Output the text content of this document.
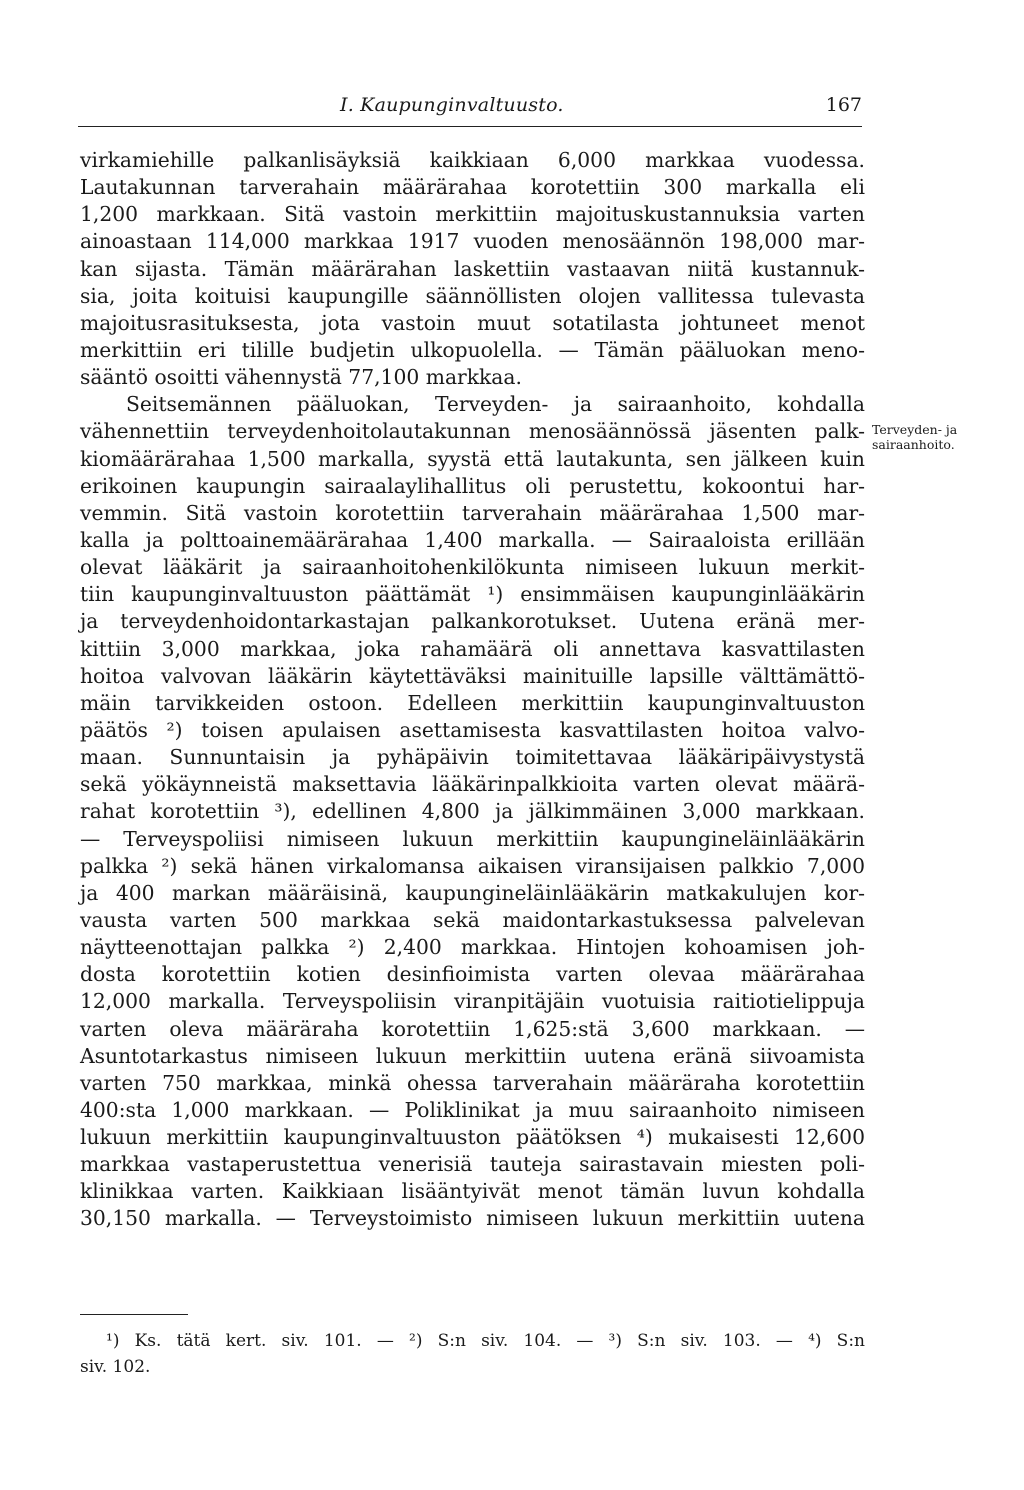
I. Kaupunginvaltuusto.	167
virkamiehille palkanlisäyksiä kaikkiaan 6,000 markkaa vuodessa.
Lautakunnan tarverahain määrärahaa korotettiin 300 markalla eli
1,200 markkaan. Sitä vastoin merkittiin majoituskustannuksia varten
ainoastaan 114,000 markkaa 1917 vuoden menosäännön 198,000 mar-
kan sijasta. Tämän määrärahan laskettiin vastaavan niitä kustannuk-
sia, joita koituisi kaupungille säännöllisten olojen vallitessa tulevasta
majoitusrasituksesta, jota vastoin muut sotatilasta johtuneet menot
merkittiin eri tilille budjetin ulkopuolella. — Tämän pääluokan meno-
sääntö osoitti vähennystä 77,100 markkaa.
Seitsemännen pääluokan, Terveyden- ja sairaanhoito, kohdalla
vähennettiin terveydenhoitolautakunnan menosäännössä jäsenten palk-
kiomäärärahaa 1,500 markalla, syystä että lautakunta, sen jälkeen kuin
erikoinen kaupungin sairaalaylihallitus oli perustettu, kokoontui har-
vemmin. Sitä vastoin korotettiin tarverahain määrärahaa 1,500 mar-
kalla ja polttoainemäärärahaa 1,400 markalla. — Sairaaloista erillään
olevat lääkärit ja sairaanhoitohenkilökunta nimiseen lukuun merkit-
tiin kaupunginvaltuuston päättämät ¹) ensimmäisen kaupunginlääkärin
ja terveydenhoidontarkastajan palkankorotukset. Uutena eränä mer-
kittiin 3,000 markkaa, joka rahamäärä oli annettava kasvattilasten
hoitoa valvovan lääkärin käytettäväksi mainituille lapsille välttämättö-
mäin tarvikkeiden ostoon. Edelleen merkittiin kaupunginvaltuuston
päätös ²) toisen apulaisen asettamisesta kasvattilasten hoitoa valvo-
maan. Sunnuntaisin ja pyhäpäivin toimitettavaa lääkäripäivystystä
sekä yökäynneistä maksettavia lääkärinpalkkioita varten olevat määrä-
rahat korotettiin ³), edellinen 4,800 ja jälkimmäinen 3,000 markkaan.
— Terveyspoliisi nimiseen lukuun merkittiin kaupungineläinlääkärin
palkka ²) sekä hänen virkalomansa aikaisen viransijaisen palkkio 7,000
ja 400 markan määräisinä, kaupungineläinlääkärin matkakulujen kor-
vausta varten 500 markkaa sekä maidontarkastuksessa palvelevan
näytteenottajan palkka ²) 2,400 markkaa. Hintojen kohoamisen joh-
dosta korotettiin kotien desinfioimista varten olevaa määrärahaa
12,000 markalla. Terveyspoliisin viranpitäjäin vuotuisia raitiotielippuja
varten oleva määräraha korotettiin 1,625:stä 3,600 markkaan. —
Asuntotarkastus nimiseen lukuun merkittiin uutena eränä siivoamista
varten 750 markkaa, minkä ohessa tarverahain määräraha korotettiin
400:sta 1,000 markkaan. — Poliklinikat ja muu sairaanhoito nimiseen
lukuun merkittiin kaupunginvaltuuston päätöksen ⁴) mukaisesti 12,600
markkaa vastaperustettua venerisiä tauteja sairastavain miesten poli-
klinikkaa varten. Kaikkiaan lisääntyivät menot tämän luvun kohdalla
30,150 markalla. — Terveystoimisto nimiseen lukuun merkittiin uutena
Terveyden- ja
sairaanhoito.
¹) Ks. tätä kert. siv. 101. — ²) S:n siv. 104. — ³) S:n siv. 103. — ⁴) S:n
siv. 102.
